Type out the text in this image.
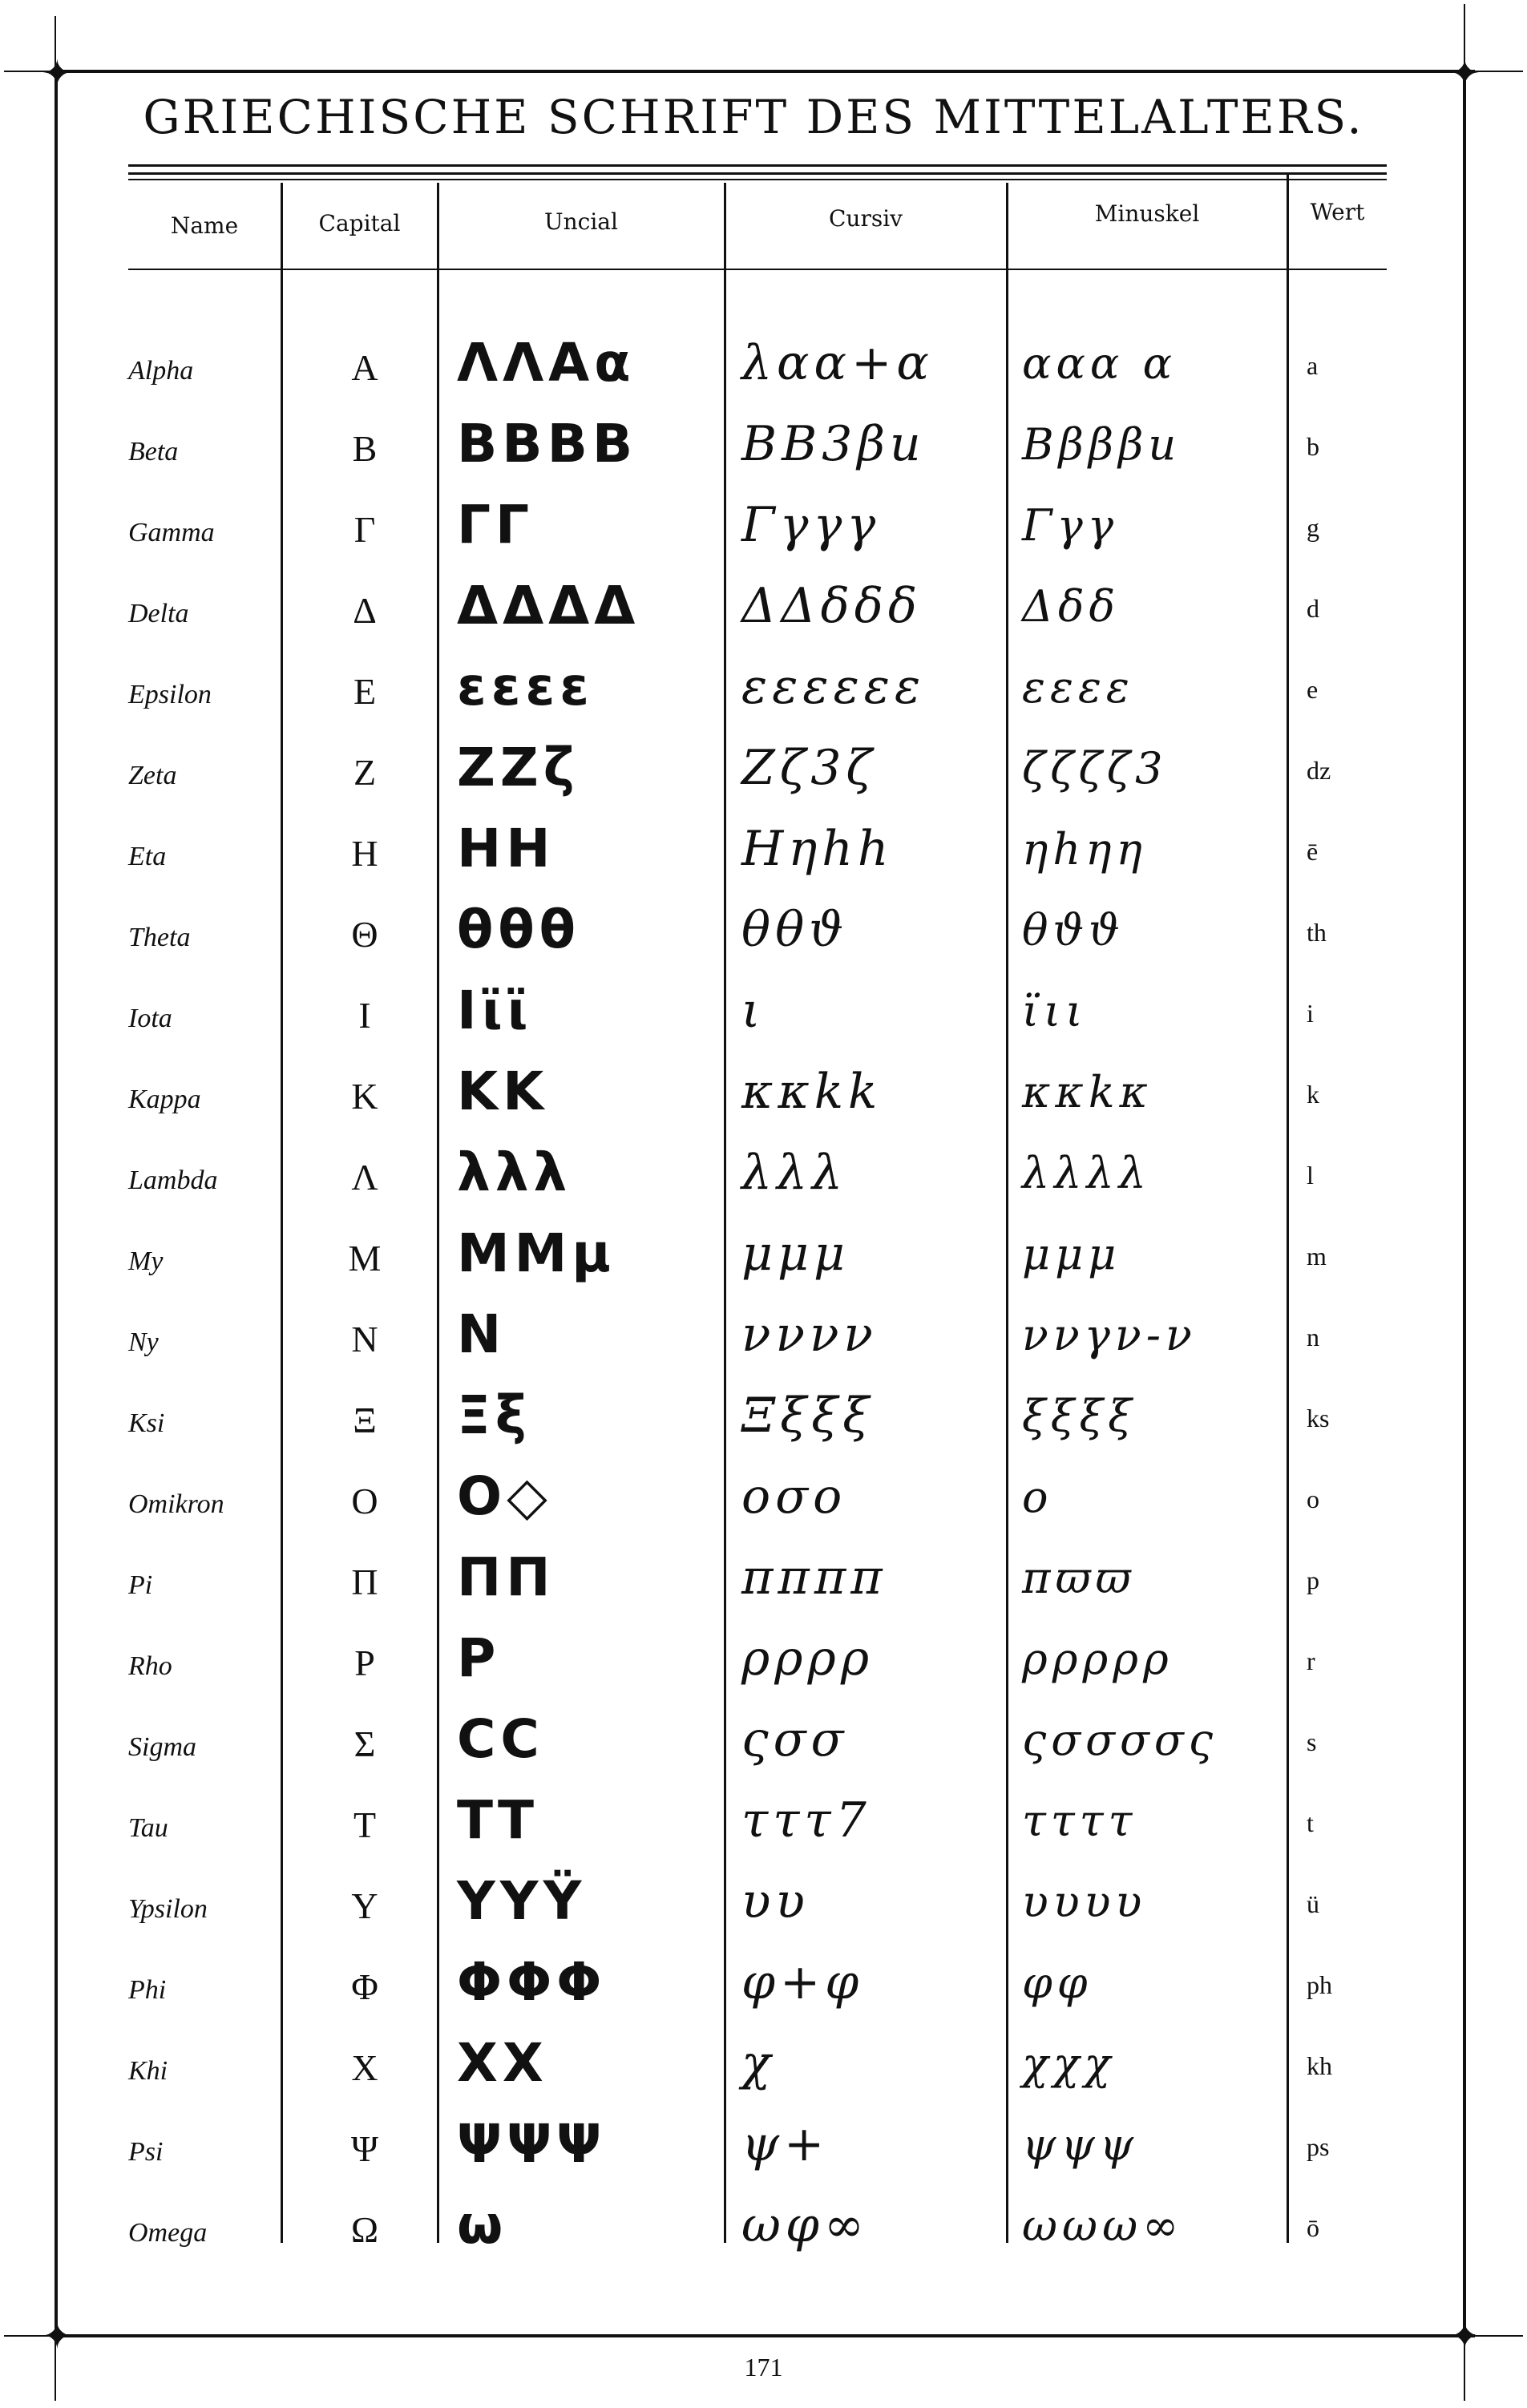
✦	✦
✦	✦
GRIECHISCHE SCHRIFT DES MITTELALTERS.
Name	Capital	Uncial	Cursiv	Minuskel	Wert
Alpha	Α	ΛΛΑα	λαα+α	ααα α	a
Beta	Β	ΒΒΒΒ	ΒΒ3βu	Ββββu	b
Gamma	Γ	ΓΓ	Γγγγ	Γγγ	g
Delta	Δ	ΔΔΔΔ	ΔΔδδδ	Δδδ	d
Epsilon	Ε	εεεε	εεεεεε	εεεε	e
Zeta	Ζ	ΖΖζ	Ζζ3ζ	ζζζζ3	dz
Eta	Η	ΗΗ	Ηηhh	ηhηη	ē
Theta	Θ	θθθ	θθϑ	θϑϑ	th
Iota	Ι	Ιϊϊ	ι	ϊιι	i
Kappa	Κ	ΚΚ	κκkk	κκkκ	k
Lambda	Λ	λλλ	λλλ	λλλλ	l
My	Μ	ΜΜμ	μμμ	μμμ	m
Ny	Ν	Ν	νννν	ννγν-ν	n
Ksi	Ξ	Ξξ	Ξξξξ	ξξξξ	ks
Omikron	Ο	Ο◇	οσο	ο	o
Pi	Π	ΠΠ	ππππ	πϖϖ	p
Rho	Ρ	Ρ	ρρρρ	ρρρρρ	r
Sigma	Σ	CC	ςσσ	ςσσσσς	s
Tau	Τ	ΤΤ	τττ7	ττττ	t
Ypsilon	Υ	ΥΥΫ	υυ	υυυυ	ü
Phi	Φ	ΦΦΦ	φ+φ	φφ	ph
Khi	Χ	ΧΧ	χ	χχχ	kh
Psi	Ψ	ΨΨΨ	ψ+	ψψψ	ps
Omega	Ω	ω	ωφ∞	ωωω∞	ō
171
